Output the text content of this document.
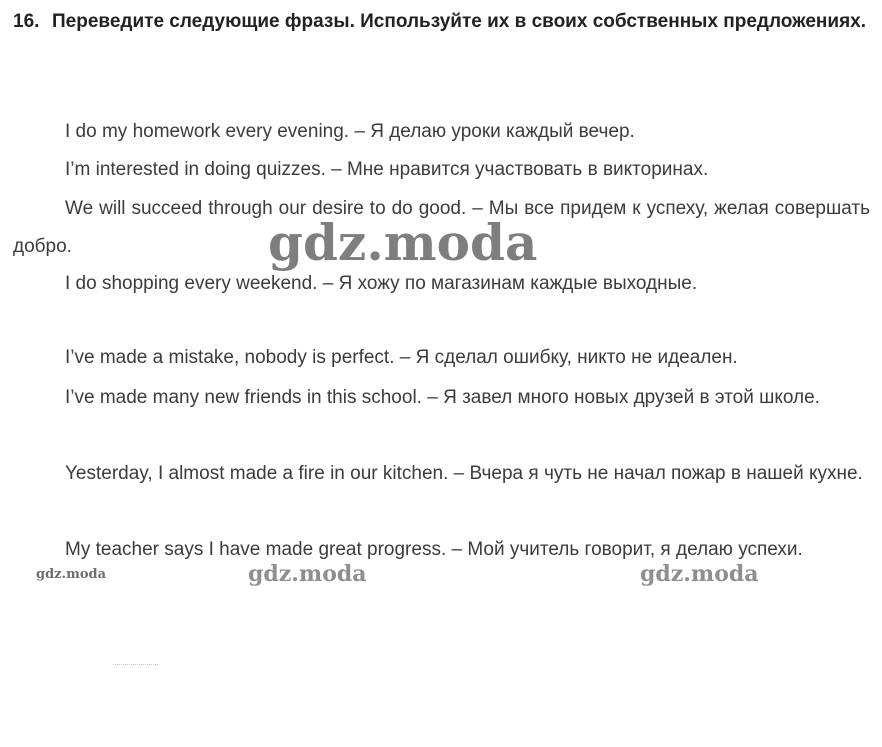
16. Переведите следующие фразы. Используйте их в своих собственных предложениях.
I do my homework every evening. – Я делаю уроки каждый вечер.
I’m interested in doing quizzes. – Мне нравится участвовать в викторинах.
We will succeed through our desire to do good. – Мы все придем к успеху, желая совершать добро.
I do shopping every weekend. – Я хожу по магазинам каждые выходные.
I’ve made a mistake, nobody is perfect. – Я сделал ошибку, никто не идеален.
I’ve made many new friends in this school. – Я завел много новых друзей в этой школе.
Yesterday, I almost made a fire in our kitchen. – Вчера я чуть не начал пожар в нашей кухне.
My teacher says I have made great progress. – Мой учитель говорит, я делаю успехи.
gdz.moda
gdz.moda	gdz.moda	gdz.moda
